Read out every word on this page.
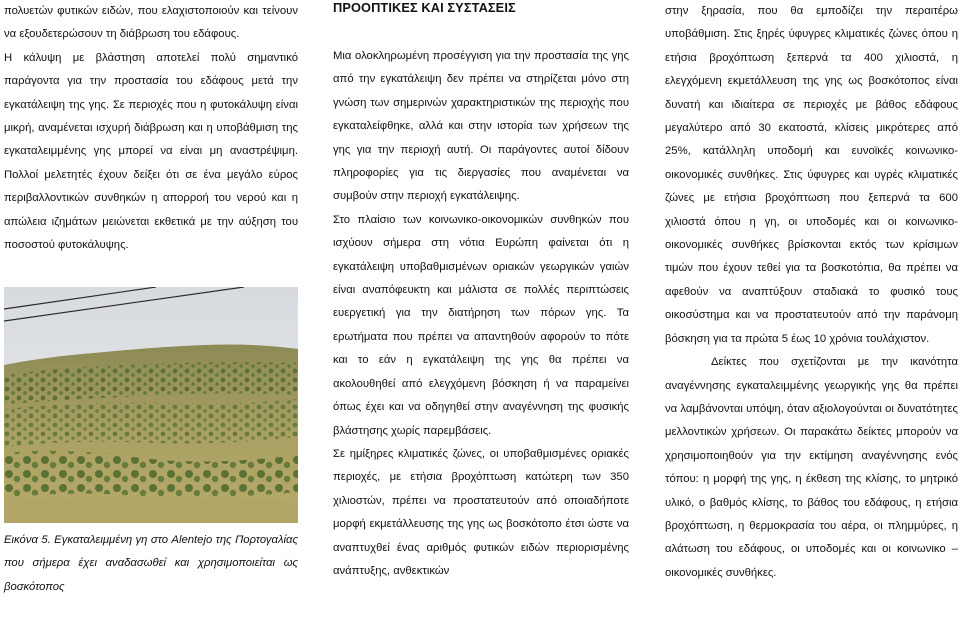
πολυετών φυτικών ειδών, που ελαχιστοποιούν και τείνουν να εξουδετερώσουν τη διάβρωση του εδάφους.

Η κάλυψη με βλάστηση αποτελεί πολύ σημαντικό παράγοντα για την προστασία του εδάφους μετά την εγκατάλειψη της γης. Σε περιοχές που η φυτοκάλυψη είναι μικρή, αναμένεται ισχυρή διάβρωση και η υποβάθμιση της εγκαταλειμμένης γης μπορεί να είναι μη αναστρέψιμη. Πολλοί μελετητές έχουν δείξει ότι σε ένα μεγάλο εύρος περιβαλλοντικών συνθηκών η απορροή του νερού και η απώλεια ιζημάτων μειώνεται εκθετικά με την αύξηση του ποσοστού φυτοκάλυψης.

Εικόνα 5. Εγκαταλειμμένη γη στο Alentejo της Πορτογαλίας που σήμερα έχει αναδασωθεί και χρησιμοποιείται ως βοσκότοπος

ΠΡΟΟΠΤΙΚΕΣ ΚΑΙ ΣΥΣΤΑΣΕΙΣ

Μια ολοκληρωμένη προσέγγιση για την προστασία της γης από την εγκατάλειψη δεν πρέπει να στηρίζεται μόνο στη γνώση των σημερινών χαρακτηριστικών της περιοχής που εγκαταλείφθηκε, αλλά και στην ιστορία των χρήσεων της γης για την περιοχή αυτή. Οι παράγοντες αυτοί δίδουν πληροφορίες για τις διεργασίες που αναμένεται να συμβούν στην περιοχή εγκατάλειψης.

Στο πλαίσιο των κοινωνικο-οικονομικών συνθηκών που ισχύουν σήμερα στη νότια Ευρώπη φαίνεται ότι η εγκατάλειψη υποβαθμισμένων οριακών γεωργικών γαιών είναι αναπόφευκτη και μάλιστα σε πολλές περιπτώσεις ευεργετική για την διατήρηση των πόρων γης. Τα ερωτήματα που πρέπει να απαντηθούν αφορούν το πότε και το εάν η εγκατάλειψη της γης θα πρέπει να ακολουθηθεί από ελεγχόμενη βόσκηση ή να παραμείνει όπως έχει και να οδηγηθεί στην αναγέννηση της φυσικής βλάστησης χωρίς παρεμβάσεις.

Σε ημίξηρες κλιματικές ζώνες, οι υποβαθμισμένες οριακές περιοχές, με ετήσια βροχόπτωση κατώτερη των 350 χιλιοστών, πρέπει να προστατευτούν από οποιαδήποτε μορφή εκμετάλλευσης της γης ως βοσκότοπο έτσι ώστε να αναπτυχθεί ένας αριθμός φυτικών ειδών περιορισμένης ανάπτυξης, ανθεκτικών

στην ξηρασία, που θα εμποδίζει την περαιτέρω υποβάθμιση. Στις ξηρές ύφυγρες κλιματικές ζώνες όπου η ετήσια βροχόπτωση ξεπερνά τα 400 χιλιοστά, η ελεγχόμενη εκμετάλλευση της γης ως βοσκότοπος είναι δυνατή και ιδιαίτερα σε περιοχές με βάθος εδάφους μεγαλύτερο από 30 εκατοστά, κλίσεις μικρότερες από 25%, κατάλληλη υποδομή και ευνοϊκές κοινωνικο-οικονομικές συνθήκες. Στις ύφυγρες και υγρές κλιματικές ζώνες με ετήσια βροχόπτωση που ξεπερνά τα 600 χιλιοστά όπου η γη, οι υποδομές και οι κοινωνικο-οικονομικές συνθήκες βρίσκονται εκτός των κρίσιμων τιμών που έχουν τεθεί για τα βοσκοτόπια, θα πρέπει να αφεθούν να αναπτύξουν σταδιακά το φυσικό τους οικοσύστημα και να προστατευτούν από την παράνομη βόσκηση για τα πρώτα 5 έως 10 χρόνια τουλάχιστον.

Δείκτες που σχετίζονται με την ικανότητα αναγέννησης εγκαταλειμμένης γεωργικής γης θα πρέπει να λαμβάνονται υπόψη, όταν αξιολογούνται οι δυνατότητες μελλοντικών χρήσεων. Οι παρακάτω δείκτες μπορούν να χρησιμοποιηθούν για την εκτίμηση αναγέννησης ενός τόπου: η μορφή της γης, η έκθεση της κλίσης, το μητρικό υλικό, ο βαθμός κλίσης, το βάθος του εδάφους, η ετήσια βροχόπτωση, η θερμοκρασία του αέρα, οι πλημμύρες, η αλάτωση του εδάφους, οι υποδομές και οι κοινωνικο – οικονομικές συνθήκες.
